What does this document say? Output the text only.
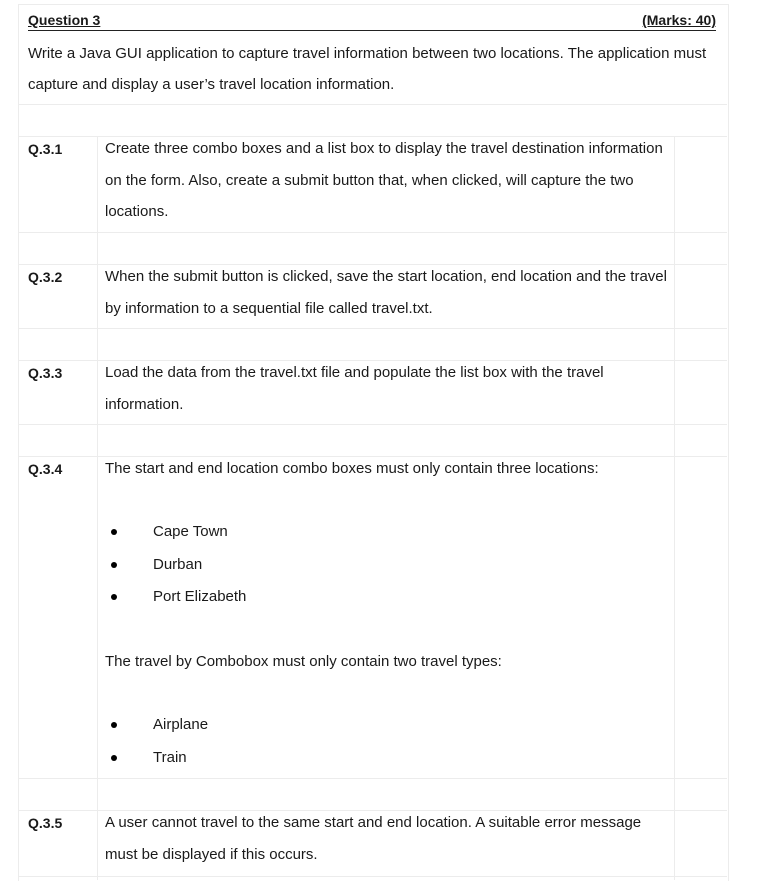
Question 3	(Marks: 40)
Write a Java GUI application to capture travel information between two locations. The application must capture and display a user’s travel location information.
Q.3.1	Create three combo boxes and a list box to display the travel destination information on the form. Also, create a submit button that, when clicked, will capture the two locations.
Q.3.2	When the submit button is clicked, save the start location, end location and the travel by information to a sequential file called travel.txt.
Q.3.3	Load the data from the travel.txt file and populate the list box with the travel information.
Q.3.4	The start and end location combo boxes must only contain three locations:
Cape Town
Durban
Port Elizabeth
The travel by Combobox must only contain two travel types:
Airplane
Train
Q.3.5	A user cannot travel to the same start and end location. A suitable error message must be displayed if this occurs.
